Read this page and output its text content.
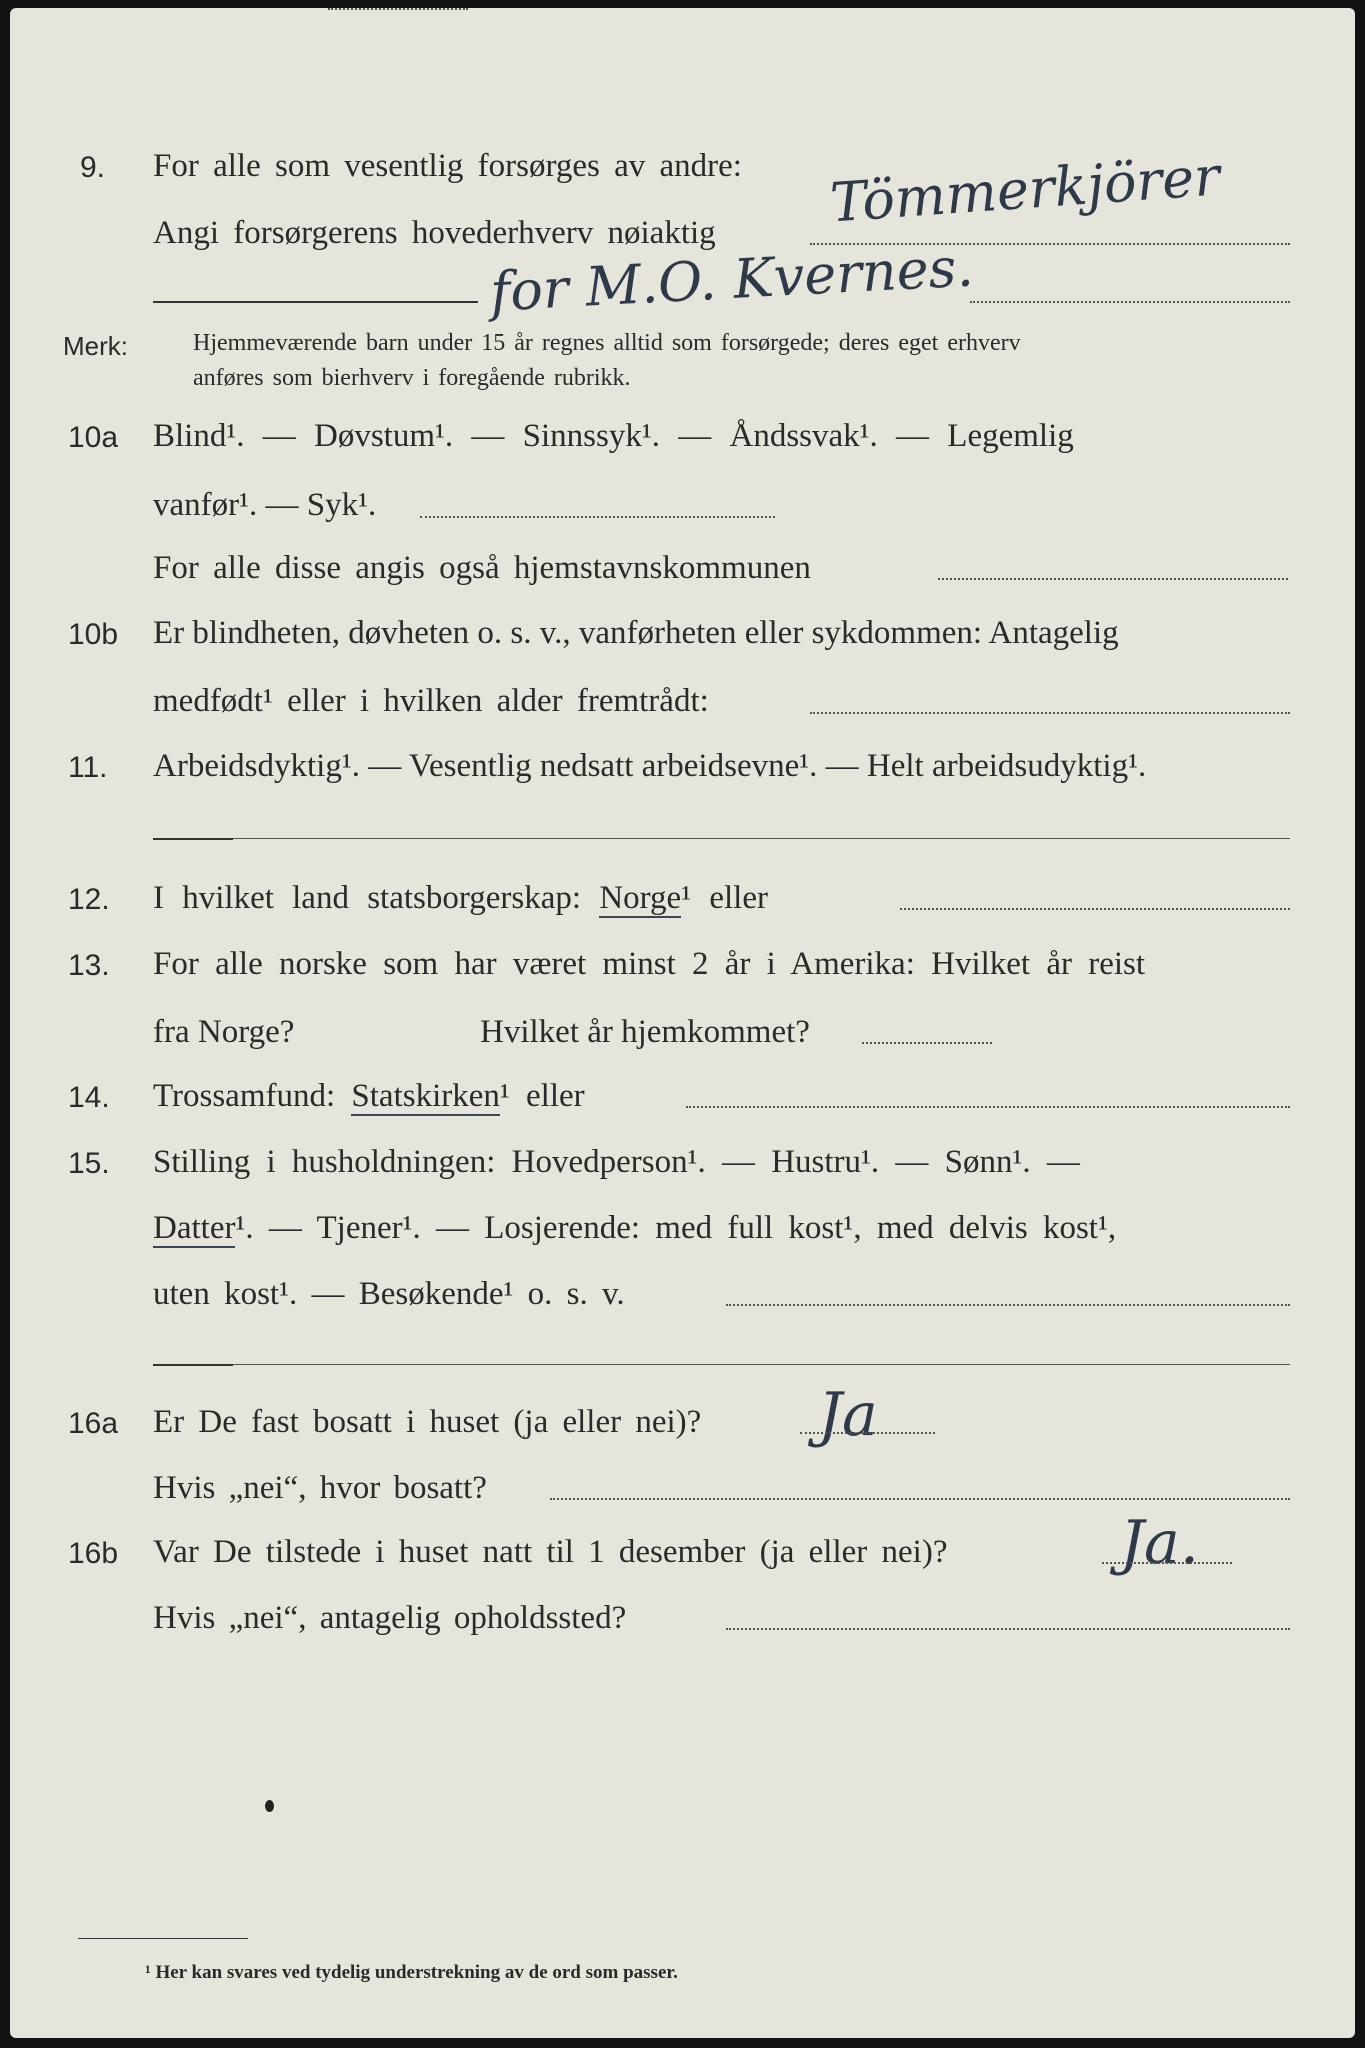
9. For alle som vesentlig forsørges av andre: Tömmerkjörer
Angi forsørgerens hovederhverv nøiaktig
for M.O. Kvernes.
Merk:	Hjemmeværende barn under 15 år regnes alltid som forsørgede; deres eget erhverv
anføres som bierhverv i foregående rubrikk.
10a Blind¹. — Døvstum¹. — Sinnssyk¹. — Åndssvak¹. — Legemlig
vanfør¹. — Syk¹.
For alle disse angis også hjemstavnskommunen
10b Er blindheten, døvheten o. s. v., vanførheten eller sykdommen: Antagelig
medfødt¹ eller i hvilken alder fremtrådt:
11. Arbeidsdyktig¹. — Vesentlig nedsatt arbeidsevne¹. — Helt arbeidsudyktig¹.
12. I hvilket land statsborgerskap: Norge¹ eller
13. For alle norske som har været minst 2 år i Amerika: Hvilket år reist
fra Norge?	Hvilket år hjemkommet?
14. Trossamfund: Statskirken¹ eller
15. Stilling i husholdningen: Hovedperson¹. — Hustru¹. — Sønn¹. —
Datter¹. — Tjener¹. — Losjerende: med full kost¹, med delvis kost¹,
uten kost¹. — Besøkende¹ o. s. v.
16a Er De fast bosatt i huset (ja eller nei)? Ja
Hvis „nei“, hvor bosatt?
16b Var De tilstede i huset natt til 1 desember (ja eller nei)?	Ja.
Hvis „nei“, antagelig opholdssted?
¹ Her kan svares ved tydelig understrekning av de ord som passer.
